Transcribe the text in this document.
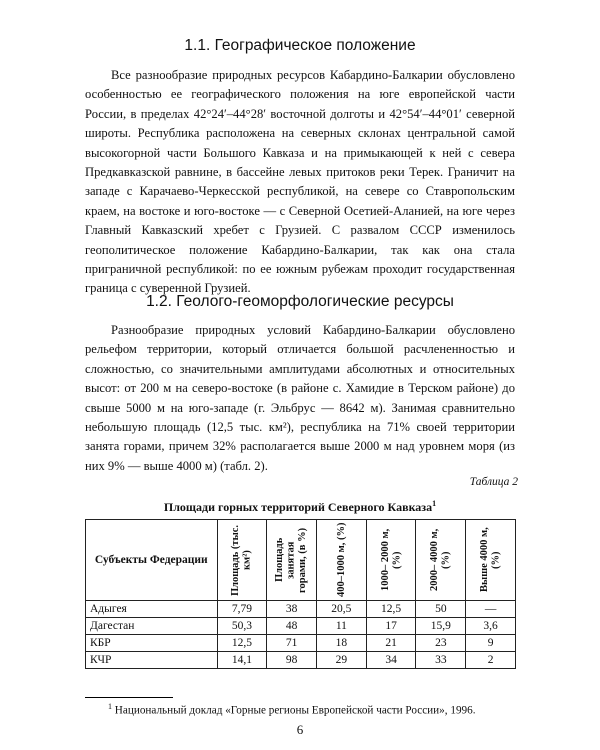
1.1. Географическое положение

Все разнообразие природных ресурсов Кабардино-Балкарии обусловлено особенностью ее географического положения на юге европейской части России, в пределах 42°24′–44°28′ восточной долготы и 42°54′–44°01′ северной широты. Республика расположена на северных склонах центральной самой высокогорной части Большого Кавказа и на примыкающей к ней с севера Предкавказской равнине, в бассейне левых притоков реки Терек. Граничит на западе с Карачаево-Черкесской республикой, на севере со Ставропольским краем, на востоке и юго-востоке — с Северной Осетией-Аланией, на юге через Главный Кавказский хребет с Грузией. С развалом СССР изменилось геополитическое положение Кабардино-Балкарии, так как она стала приграничной республикой: по ее южным рубежам проходит государственная граница с суверенной Грузией.

1.2. Геолого-геоморфологические ресурсы

Разнообразие природных условий Кабардино-Балкарии обусловлено рельефом территории, который отличается большой расчлененностью и сложностью, со значительными амплитудами абсолютных и относительных высот: от 200 м на северо-востоке (в районе с. Хамидие в Терском районе) до свыше 5000 м на юго-западе (г. Эльбрус — 8642 м). Занимая сравнительно небольшую площадь (12,5 тыс. км²), республика на 71% своей территории занята горами, причем 32% располагается выше 2000 м над уровнем моря (из них 9% — выше 4000 м) (табл. 2).

Таблица 2
Площади горных территорий Северного Кавказа$^1$
Субъекты Федерации	Площадь (тыс. км²)	Площадь занятая горами, (в %)	400–1000 м, (%)	1000– 2000 м, (%)	2000– 4000 м, (%)	Выше 4000 м, (%)

Адыгея	7,79	38	20,5	12,5	50	—
Дагестан	50,3	48	11	17	15,9	3,6
КБР	12,5	71	18	21	23	9
КЧР	14,1	98	29	34	33	2
$^1$ Национальный доклад «Горные регионы Европейской части России», 1996.
6
